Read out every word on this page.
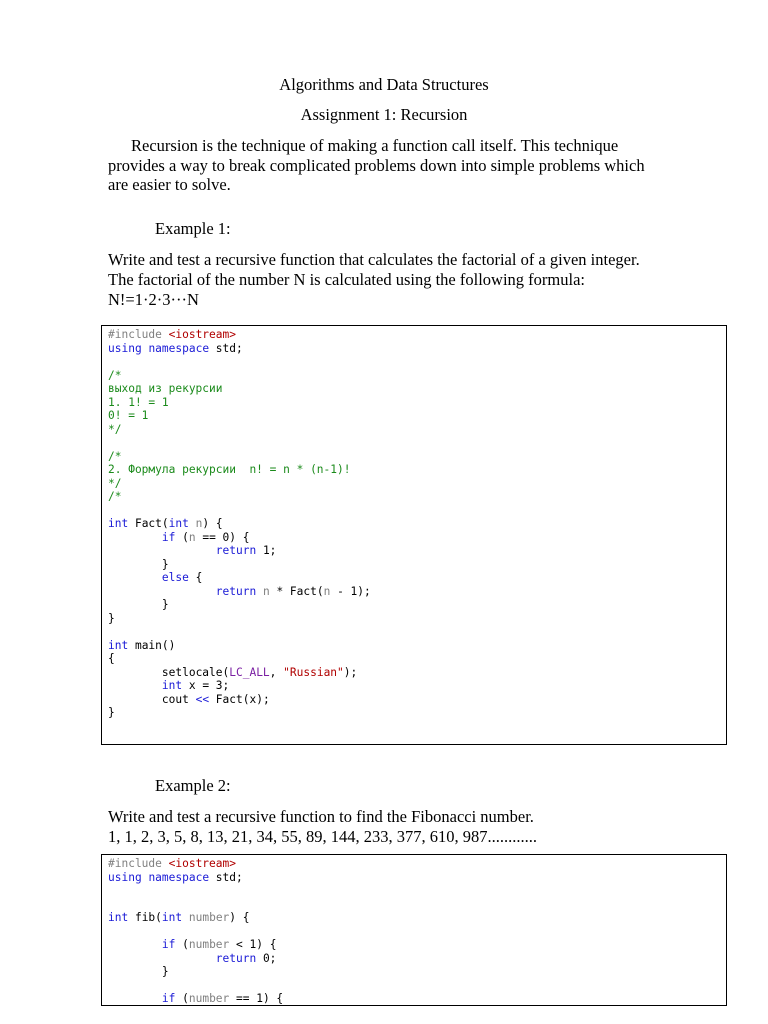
Algorithms and Data Structures
Assignment 1: Recursion
Recursion is the technique of making a function call itself. This technique
provides a way to break complicated problems down into simple problems which
are easier to solve.
Example 1:
Write and test a recursive function that calculates the factorial of a given integer.
The factorial of the number N is calculated using the following formula:
N!=1·2·3···N
#include <iostream>
using namespace std;

/*
выход из рекурсии
1. 1! = 1
0! = 1
*/

/*
2. Формула рекурсии  n! = n * (n-1)!
*/
/*

int Fact(int n) {
if (n == 0) {
return 1;
}
else {
return n * Fact(n - 1);
}
}

int main()
{
setlocale(LC_ALL, "Russian");
int x = 3;
cout << Fact(x);
}
Example 2:
Write and test a recursive function to find the Fibonacci number.
1, 1, 2, 3, 5, 8, 13, 21, 34, 55, 89, 144, 233, 377, 610, 987............
#include <iostream>
using namespace std;

int fib(int number) {

if (number < 1) {
return 0;
}

if (number == 1) {
